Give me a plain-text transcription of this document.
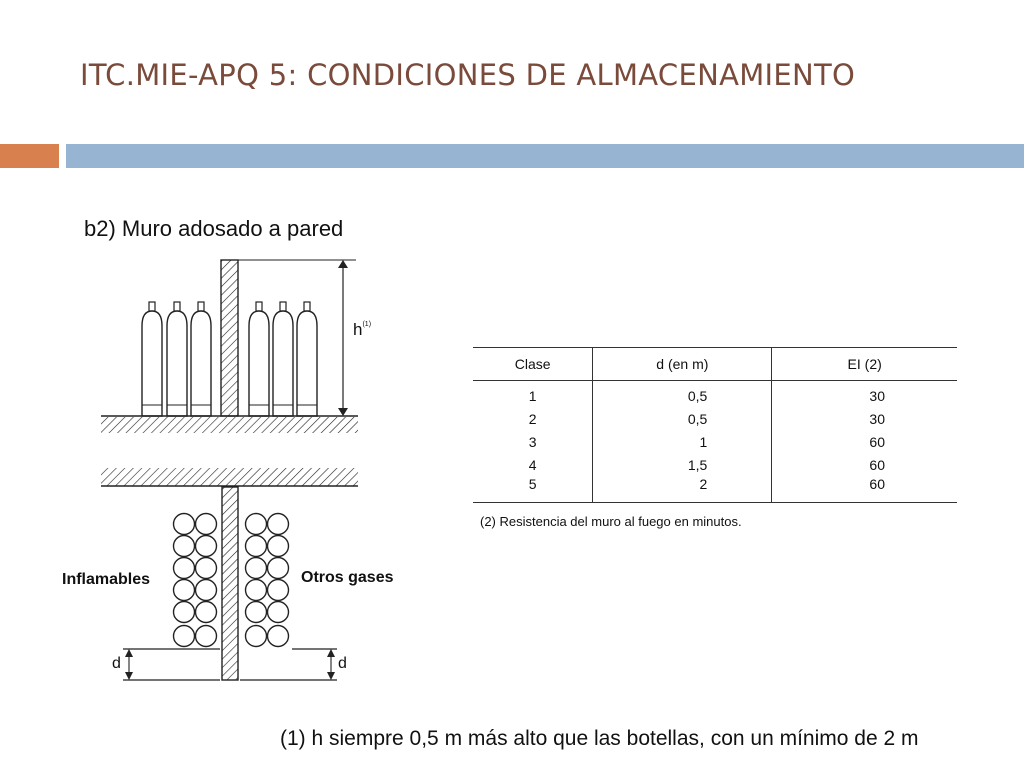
ITC.MIE-APQ 5: CONDICIONES DE ALMACENAMIENTO
b2) Muro adosado a pared
$h^{(1)}$
Inflamables	Otros gases
d	d
Clase	d (en m)	EI (2)
1	0,5	30
2	0,5	30
3	1	60
4	1,5	60
5	2	60
(2) Resistencia del muro al fuego en minutos.
(1) h siempre 0,5 m más alto que las botellas, con un mínimo de 2 m
